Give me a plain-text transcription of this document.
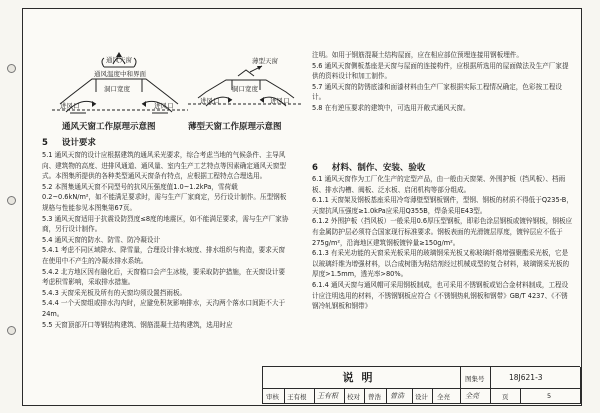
通风天窗
通风温度中和界面
洞口宽度
进风口	进风口
通风天窗工作原理示意图
薄型天窗
洞口宽度
进风口	进风口
薄型天窗工作原理示意图
5 设计要求

5.1 通风天窗的设计应根据建筑的通风采光要求，综合考虑当地的气候条件、主导风向、建筑物的高度、进排风通道、通风量、室内生产工艺特点等因素确定通风天窗型式。本图集所提供的各种类型通风天窗条有特点，应根据工程特点合理选用。

5.2 本图集通风天窗不同型号的抗风压强度值1.0~1.2kPa，雪荷载0.2~0.6kN/m²，如不能满足要求时，需与生产厂家商定，另行设计制作。压型钢板规格与性能参见本图集第67页。

5.3 通风天窗适用于抗震设防烈度≤8度的地震区，如不能满足要求，需与生产厂家协商，另行设计制作。

5.4 通风天窗的防水、防雪、防冷凝设计

5.4.1 考虑不同区域降水、降雪量，合理设计排水坡度、排水组织与构造，要求天窗在使用中不产生的冷凝水排水系统。

5.4.2 北方地区因有融化后，天窗檐口会产生冰棱，要采取防护措施，在天窗设计要考虑积雪影响，采取排水措施。

5.4.3 天窗采光板及所有的天窗均须设置挡雨板。

5.4.4 一个天窗组或排水沟内时，应避免积灰影响排水，天沟两个落水口间距不大于24m。

5.5 天窗顶部开口等钢结构建筑、钢筋混凝土结构建筑，选用时应

注明。如用于钢筋混凝土结构屋面，应在相应部位预埋连接用钢板埋件。

5.6 通风天窗侧板基座是天窗与屋面的连接构件，应根据所选用的屋面做法及生产厂家提供的资料设计和加工制作。

5.7 通风天窗的防锈底漆和面漆材料由生产厂家根据实际工程情况确定，色彩按工程设计。

5.8 在有逆压要求的建筑中，可选用开敞式通风天窗。

6 材料、制作、安装、验收

6.1 通风天窗作为工厂化生产的定型产品，由一般由天窗架、外围护板（挡风板）、档雨板、排水沟槽、阀板、泛水板、启闭机构等部分组成。

6.1.1 天窗架及钢板基座采用冷弯薄壁型钢板钢件，型钢、钢板的材质不得低于Q235-B，天窗抗风压强度≥1.0kPa应采用Q355B，焊条采用E43型。

6.1.2 外围护板（挡风板）一般采用0.6厚压型钢板，即彩色涂层钢板或镀锌钢板，钢板应有金属防护层必须符合国家现行标准要求。钢板表面的光滑镀层厚度，镀锌层应不低于275g/m²，沿海地区建筑钢板镀锌量≥150g/m²。

6.1.3 有采光功能的天窗采光板采用的玻璃钢采光板又称玻璃纤维增强聚酯采光板，它是以玻璃纤维为增强材料，以合成树脂为粘结剂经过机械成型的复合材料，玻璃钢采光板的厚度>1.5mm，透光率>80%。

6.1.4 通风天窗与通风帽可采用钢板制成，也可采用不锈钢板或铝合金材料制成，工程设计应注明选用的材料，不锈钢钢板应符合《不锈钢热轧钢板和钢带》GB/T 4237、《不锈钢冷轧钢板和钢带》

说明	图集号	18J621-3
审核 王有根 王有根 校对 曾浩 曾浩 设计 全亮 全亮	页	5
